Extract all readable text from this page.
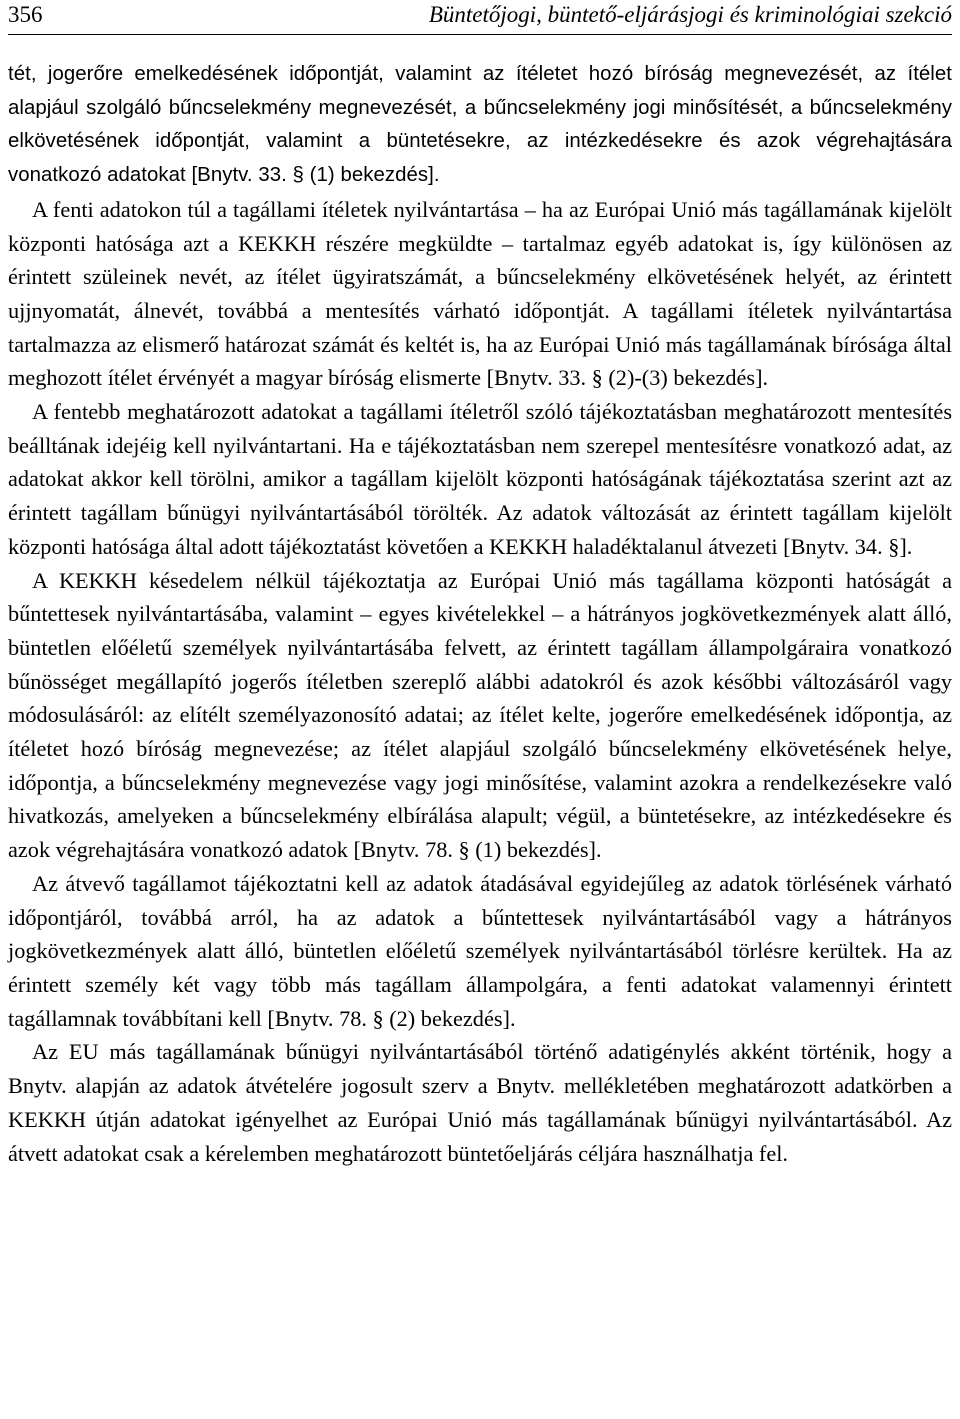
356	Büntetőjogi, büntető-eljárásjogi és kriminológiai szekció

tét, jogerőre emelkedésének időpontját, valamint az ítéletet hozó bíróság megnevezését, az ítélet alapjául szolgáló bűncselekmény megnevezését, a bűncselekmény jogi minősítését, a bűncselekmény elkövetésének időpontját, valamint a büntetésekre, az intézkedésekre és azok végrehajtására vonatkozó adatokat [Bnytv. 33. § (1) bekezdés].

A fenti adatokon túl a tagállami ítéletek nyilvántartása – ha az Európai Unió más tagállamának kijelölt központi hatósága azt a KEKKH részére megküldte – tartalmaz egyéb adatokat is, így különösen az érintett szüleinek nevét, az ítélet ügyiratszámát, a bűncselekmény elkövetésének helyét, az érintett ujjnyomatát, álnevét, továbbá a mentesítés várható időpontját. A tagállami ítéletek nyilvántartása tartalmazza az elismerő határozat számát és keltét is, ha az Európai Unió más tagállamának bírósága által meghozott ítélet érvényét a magyar bíróság elismerte [Bnytv. 33. § (2)-(3) bekezdés].

A fentebb meghatározott adatokat a tagállami ítéletről szóló tájékoztatásban meghatározott mentesítés beálltának idejéig kell nyilvántartani. Ha e tájékoztatásban nem szerepel mentesítésre vonatkozó adat, az adatokat akkor kell törölni, amikor a tagállam kijelölt központi hatóságának tájékoztatása szerint azt az érintett tagállam bűnügyi nyilvántartásából törölték. Az adatok változását az érintett tagállam kijelölt központi hatósága által adott tájékoztatást követően a KEKKH haladéktalanul átvezeti [Bnytv. 34. §].

A KEKKH késedelem nélkül tájékoztatja az Európai Unió más tagállama központi hatóságát a bűntettesek nyilvántartásába, valamint – egyes kivételekkel – a hátrányos jogkövetkezmények alatt álló, büntetlen előéletű személyek nyilvántartásába felvett, az érintett tagállam állampolgáraira vonatkozó bűnösséget megállapító jogerős ítéletben szereplő alábbi adatokról és azok későbbi változásáról vagy módosulásáról: az elítélt személyazonosító adatai; az ítélet kelte, jogerőre emelkedésének időpontja, az ítéletet hozó bíróság megnevezése; az ítélet alapjául szolgáló bűncselekmény elkövetésének helye, időpontja, a bűncselekmény megnevezése vagy jogi minősítése, valamint azokra a rendelkezésekre való hivatkozás, amelyeken a bűncselekmény elbírálása alapult; végül, a büntetésekre, az intézkedésekre és azok végrehajtására vonatkozó adatok [Bnytv. 78. § (1) bekezdés].

Az átvevő tagállamot tájékoztatni kell az adatok átadásával egyidejűleg az adatok törlésének várható időpontjáról, továbbá arról, ha az adatok a bűntettesek nyilvántartásából vagy a hátrányos jogkövetkezmények alatt álló, büntetlen előéletű személyek nyilvántartásából törlésre kerültek. Ha az érintett személy két vagy több más tagállam állampolgára, a fenti adatokat valamennyi érintett tagállamnak továbbítani kell [Bnytv. 78. § (2) bekezdés].

Az EU más tagállamának bűnügyi nyilvántartásából történő adatigénylés akként történik, hogy a Bnytv. alapján az adatok átvételére jogosult szerv a Bnytv. mellékletében meghatározott adatkörben a KEKKH útján adatokat igényelhet az Európai Unió más tagállamának bűnügyi nyilvántartásából. Az átvett adatokat csak a kérelemben meghatározott büntetőeljárás céljára használhatja fel.
